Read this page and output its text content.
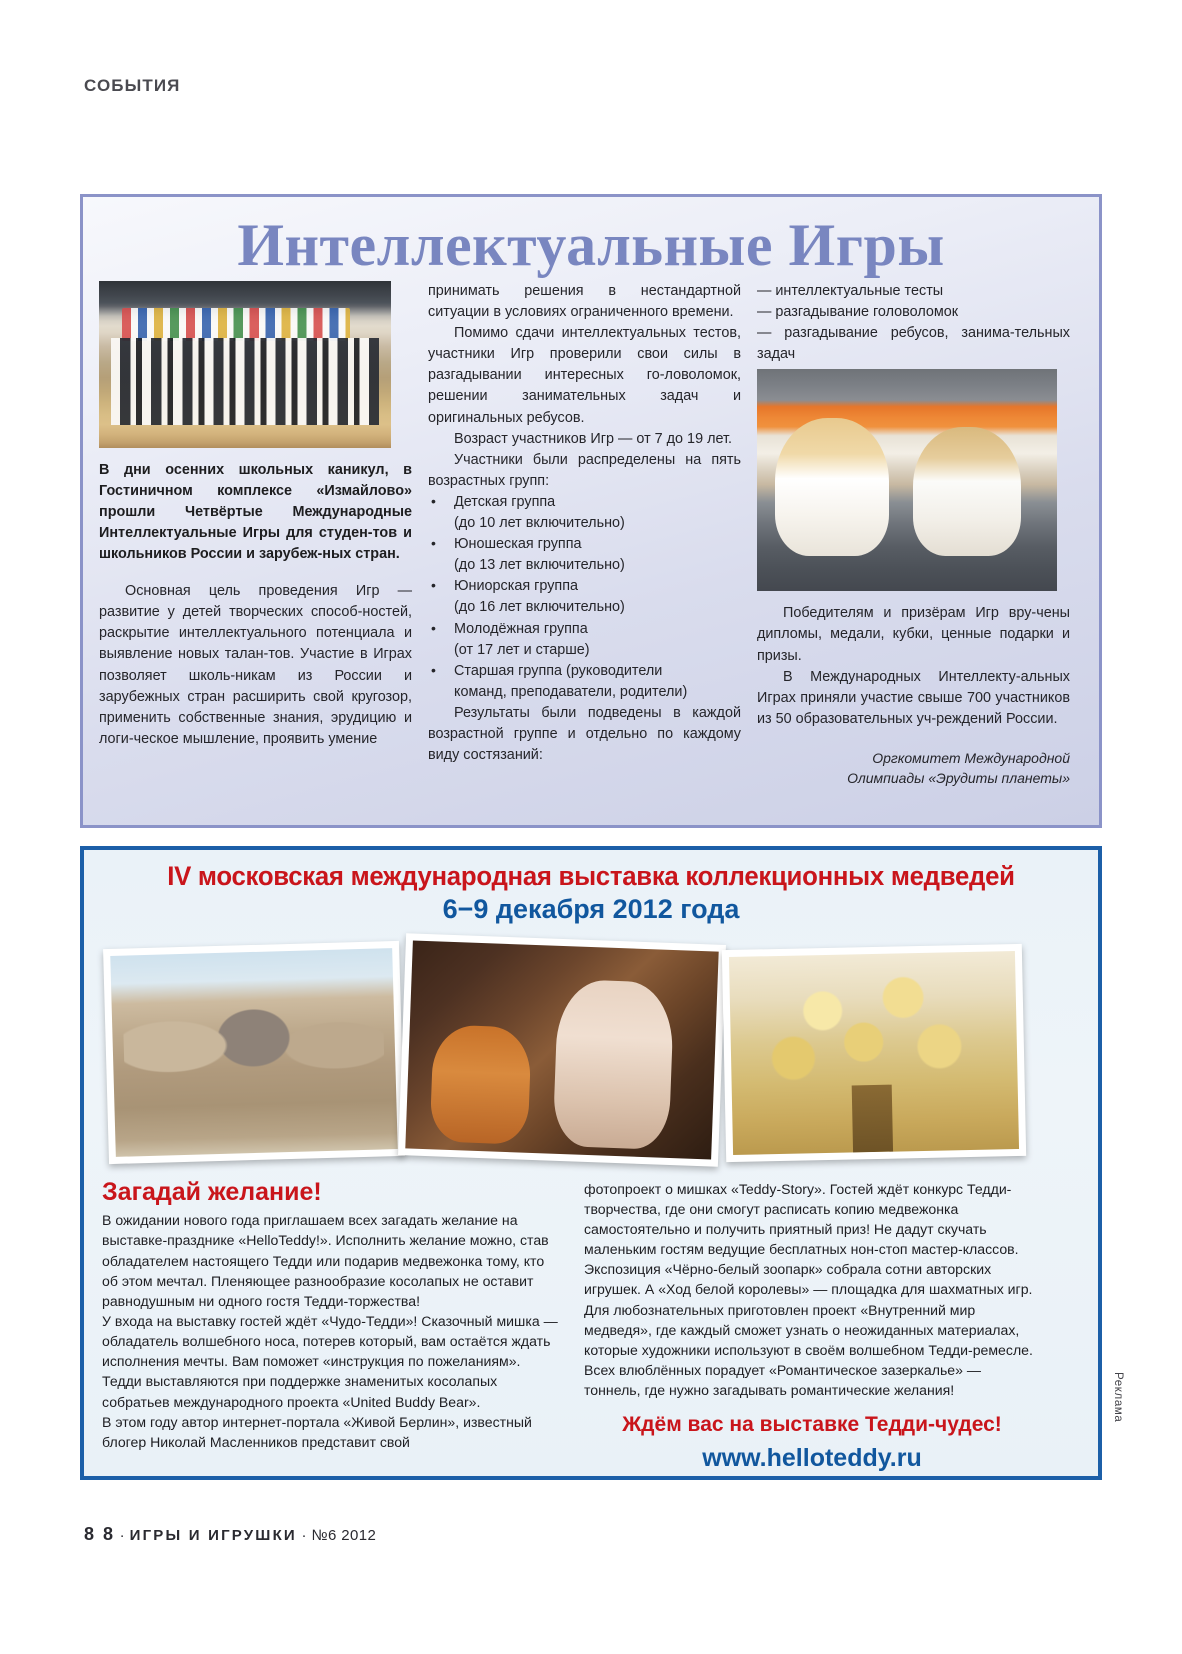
СОБЫТИЯ
Интеллектуальные Игры

В дни осенних школьных каникул, в Гостиничном комплексе «Измайлово» прошли Четвёртые Международные Интеллектуальные Игры для студен-тов и школьников России и зарубеж-ных стран.

Основная цель проведения Игр — развитие у детей творческих способ-ностей, раскрытие интеллектуального потенциала и выявление новых талан-тов. Участие в Играх позволяет школь-никам из России и зарубежных стран расширить свой кругозор, применить собственные знания, эрудицию и логи-ческое мышление, проявить умение

принимать решения в нестандартной ситуации в условиях ограниченного времени.

Помимо сдачи интеллектуальных тестов, участники Игр проверили свои силы в разгадывании интересных го-ловоломок, решении занимательных задач и оригинальных ребусов.

Возраст участников Игр — от 7 до 19 лет.

Участники были распределены на пять возрастных групп:

• Детская группа
(до 10 лет включительно)
• Юношеская группа
(до 13 лет включительно)
• Юниорская группа
(до 16 лет включительно)
• Молодёжная группа
(от 17 лет и старше)
• Старшая группа (руководители
команд, преподаватели, родители)

Результаты были подведены в каждой возрастной группе и отдельно по каждому виду состязаний:

— интеллектуальные тесты
— разгадывание головоломок
— разгадывание ребусов, занима-тельных задач

Победителям и призёрам Игр вру-чены дипломы, медали, кубки, ценные подарки и призы.

В Международных Интеллекту-альных Играх приняли участие свыше 700 участников из 50 образовательных уч-реждений России.

Оргкомитет Международной
Олимпиады «Эрудиты планеты»
IV московская международная выставка коллекционных медведей
6−9 декабря 2012 года
Загадай желание!

В ожидании нового года приглашаем всех загадать желание на выставке-празднике «HelloTeddy!». Исполнить желание можно, став обладателем настоящего Тедди или подарив медвежонка тому, кто об этом мечтал. Пленяющее разнообразие косолапых не оставит равнодушным ни одного гостя Тедди-торжества!
У входа на выставку гостей ждёт «Чудо-Тедди»! Сказочный мишка — обладатель волшебного носа, потерев который, вам остаётся ждать исполнения мечты. Вам поможет «инструкция по пожеланиям».
Тедди выставляются при поддержке знаменитых косолапых собратьев международного проекта «United Buddy Bear».
В этом году автор интернет-портала «Живой Берлин», известный блогер Николай Масленников представит свой

фотопроект о мишках «Teddy-Story». Гостей ждёт конкурс Тедди-творчества, где они смогут расписать копию медвежонка самостоятельно и получить приятный приз! Не дадут скучать маленьким гостям ведущие бесплатных нон-стоп мастер-классов. Экспозиция «Чёрно-белый зоопарк» собрала сотни авторских игрушек. А «Ход белой королевы» — площадка для шахматных игр. Для любознательных приготовлен проект «Внутренний мир медведя», где каждый сможет узнать о неожиданных материалах, которые художники используют в своём волшебном Тедди-ремесле.
Всех влюблённых порадует «Романтическое зазеркалье» — тоннель, где нужно загадывать романтические желания!

Ждём вас на выставке Тедди-чудес!
www.helloteddy.ru
Реклама
8 8 · ИГРЫ И ИГРУШКИ · №6 2012
